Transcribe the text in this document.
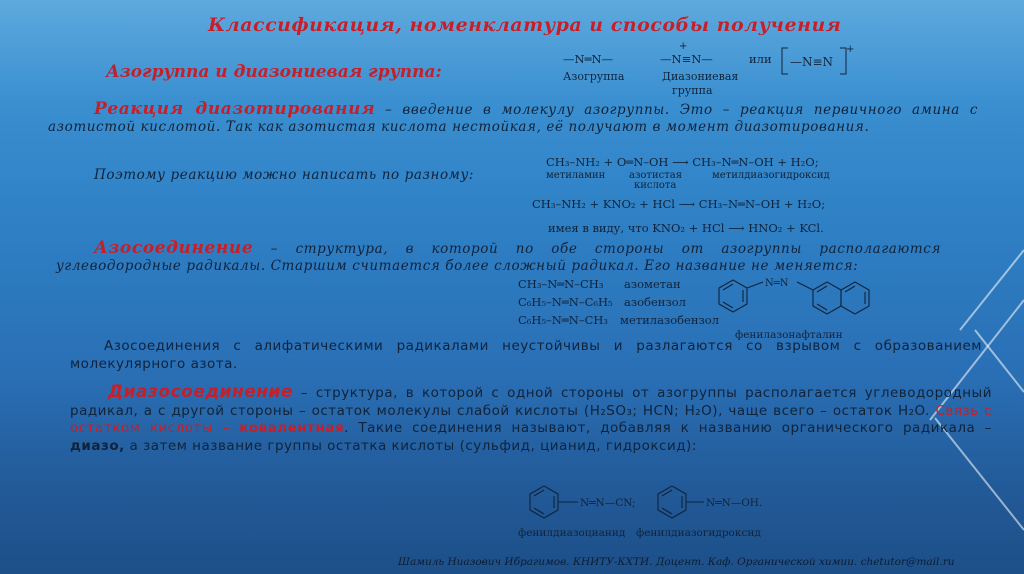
Классификация, номенклатура и способы получения
Азогруппа и диазониевая группа:
—N═N—
Азогруппа
+
—N≡N—
Диазониевая
группа
или —N≡N
+
Реакция диазотирования – введение в молекулу азогруппы. Это – реакция первичного амина с азотистой кислотой. Так как азотистая кислота нестойкая, её получают в момент диазотирования.
Поэтому реакцию можно написать по разному:
CH₃–NH₂ + O═N–OH ⟶ CH₃–N═N–OH + H₂O;
метиламин азотистая
кислота
метилдиазогидроксид
CH₃–NH₂ + KNO₂ + HCl ⟶ CH₃–N═N–OH + H₂O;
имея в виду, что KNO₂ + HCl ⟶ HNO₂ + KCl.
Азосоединение – структура, в которой по обе стороны от азогруппы располагаются углеводородные радикалы. Старшим считается более сложный радикал. Его название не меняется:
CH₃–N═N–CH₃ азометан
C₆H₅–N═N–C₆H₅ азобензол
C₆H₅–N═N–CH₃ метилазобензол
N═N
фенилазонафталин
Азосоединения с алифатическими радикалами неустойчивы и разлагаются со взрывом с образованием молекулярного азота.
Диазосоединение – структура, в которой с одной стороны от азогруппы располагается углеводородный радикал, а с другой стороны – остаток молекулы слабой кислоты (H₂SO₃; HCN; H₂O), чаще всего – остаток H₂O. Связь с остатком кислоты – ковалентная. Такие соединения называют, добавляя к названию органического радикала – диазо, а затем название группы остатка кислоты (сульфид, цианид, гидроксид):
N═N—CN;	N═N—OH.
фенилдиазоцианид фенилдиазогидроксид
Шамиль Ниазович Ибрагимов. КНИТУ-КХТИ. Доцент. Каф. Органической химии. chetutor@mail.ru
